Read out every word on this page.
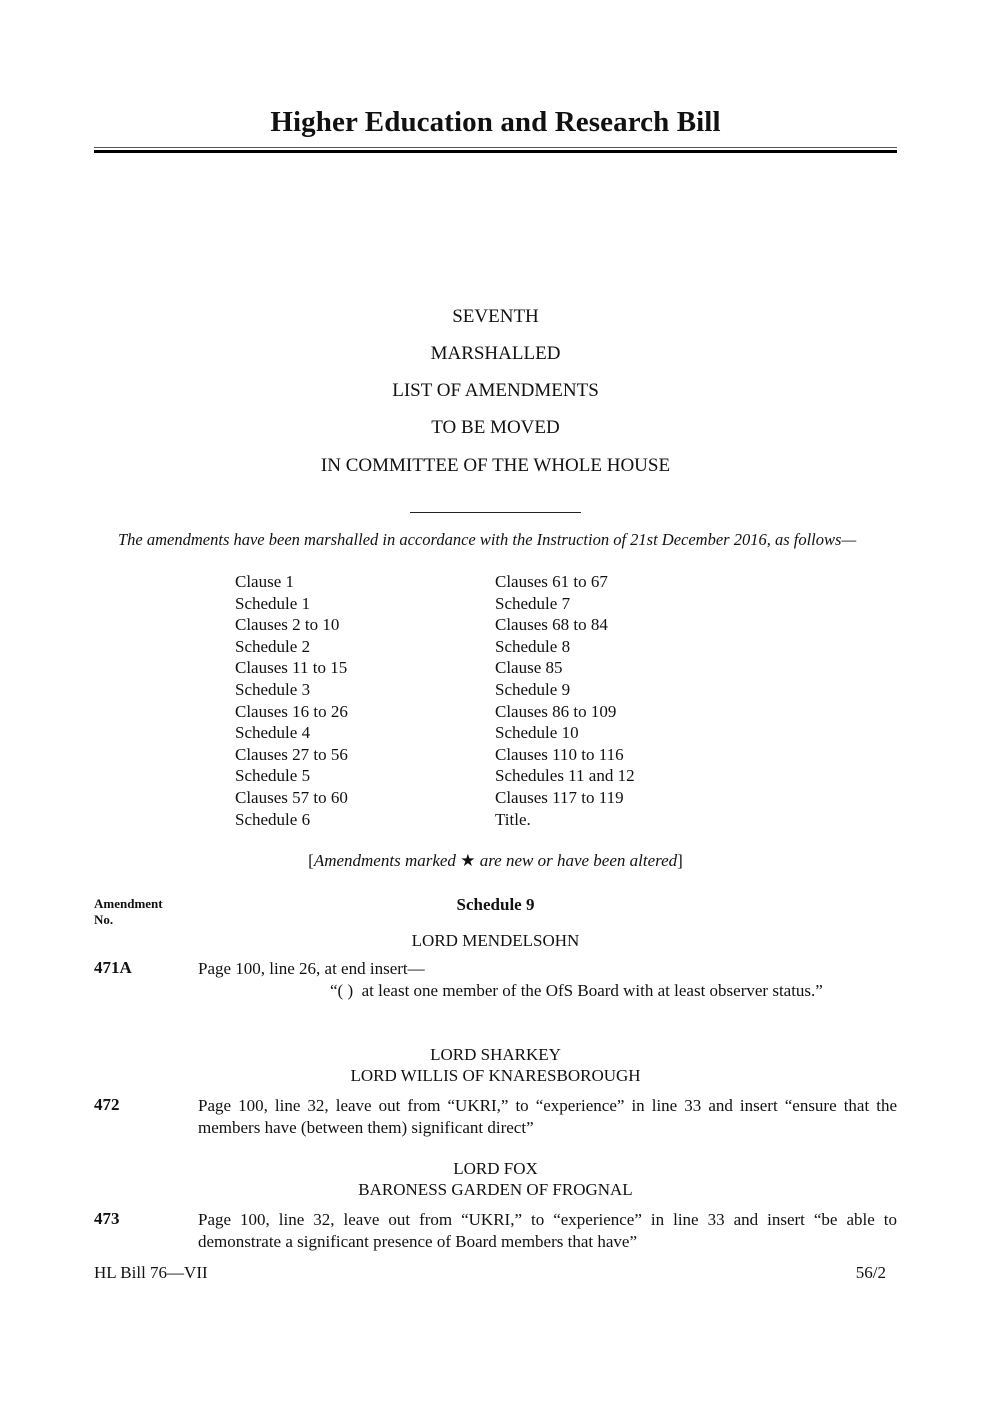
Higher Education and Research Bill
SEVENTH
MARSHALLED
LIST OF AMENDMENTS
TO BE MOVED
IN COMMITTEE OF THE WHOLE HOUSE
The amendments have been marshalled in accordance with the Instruction of 21st December 2016, as follows—
Clause 1
Schedule 1
Clauses 2 to 10
Schedule 2
Clauses 11 to 15
Schedule 3
Clauses 16 to 26
Schedule 4
Clauses 27 to 56
Schedule 5
Clauses 57 to 60
Schedule 6
Clauses 61 to 67
Schedule 7
Clauses 68 to 84
Schedule 8
Clause 85
Schedule 9
Clauses 86 to 109
Schedule 10
Clauses 110 to 116
Schedules 11 and 12
Clauses 117 to 119
Title.
[Amendments marked ★ are new or have been altered]
Amendment
No.
Schedule 9
LORD MENDELSOHN
471A	Page 100, line 26, at end insert—
“( ) at least one member of the OfS Board with at least observer status.”
LORD SHARKEY
LORD WILLIS OF KNARESBOROUGH
472	Page 100, line 32, leave out from “UKRI,” to “experience” in line 33 and insert “ensure that the members have (between them) significant direct”
LORD FOX
BARONESS GARDEN OF FROGNAL
473	Page 100, line 32, leave out from “UKRI,” to “experience” in line 33 and insert “be able to demonstrate a significant presence of Board members that have”
HL Bill 76—VII	56/2
